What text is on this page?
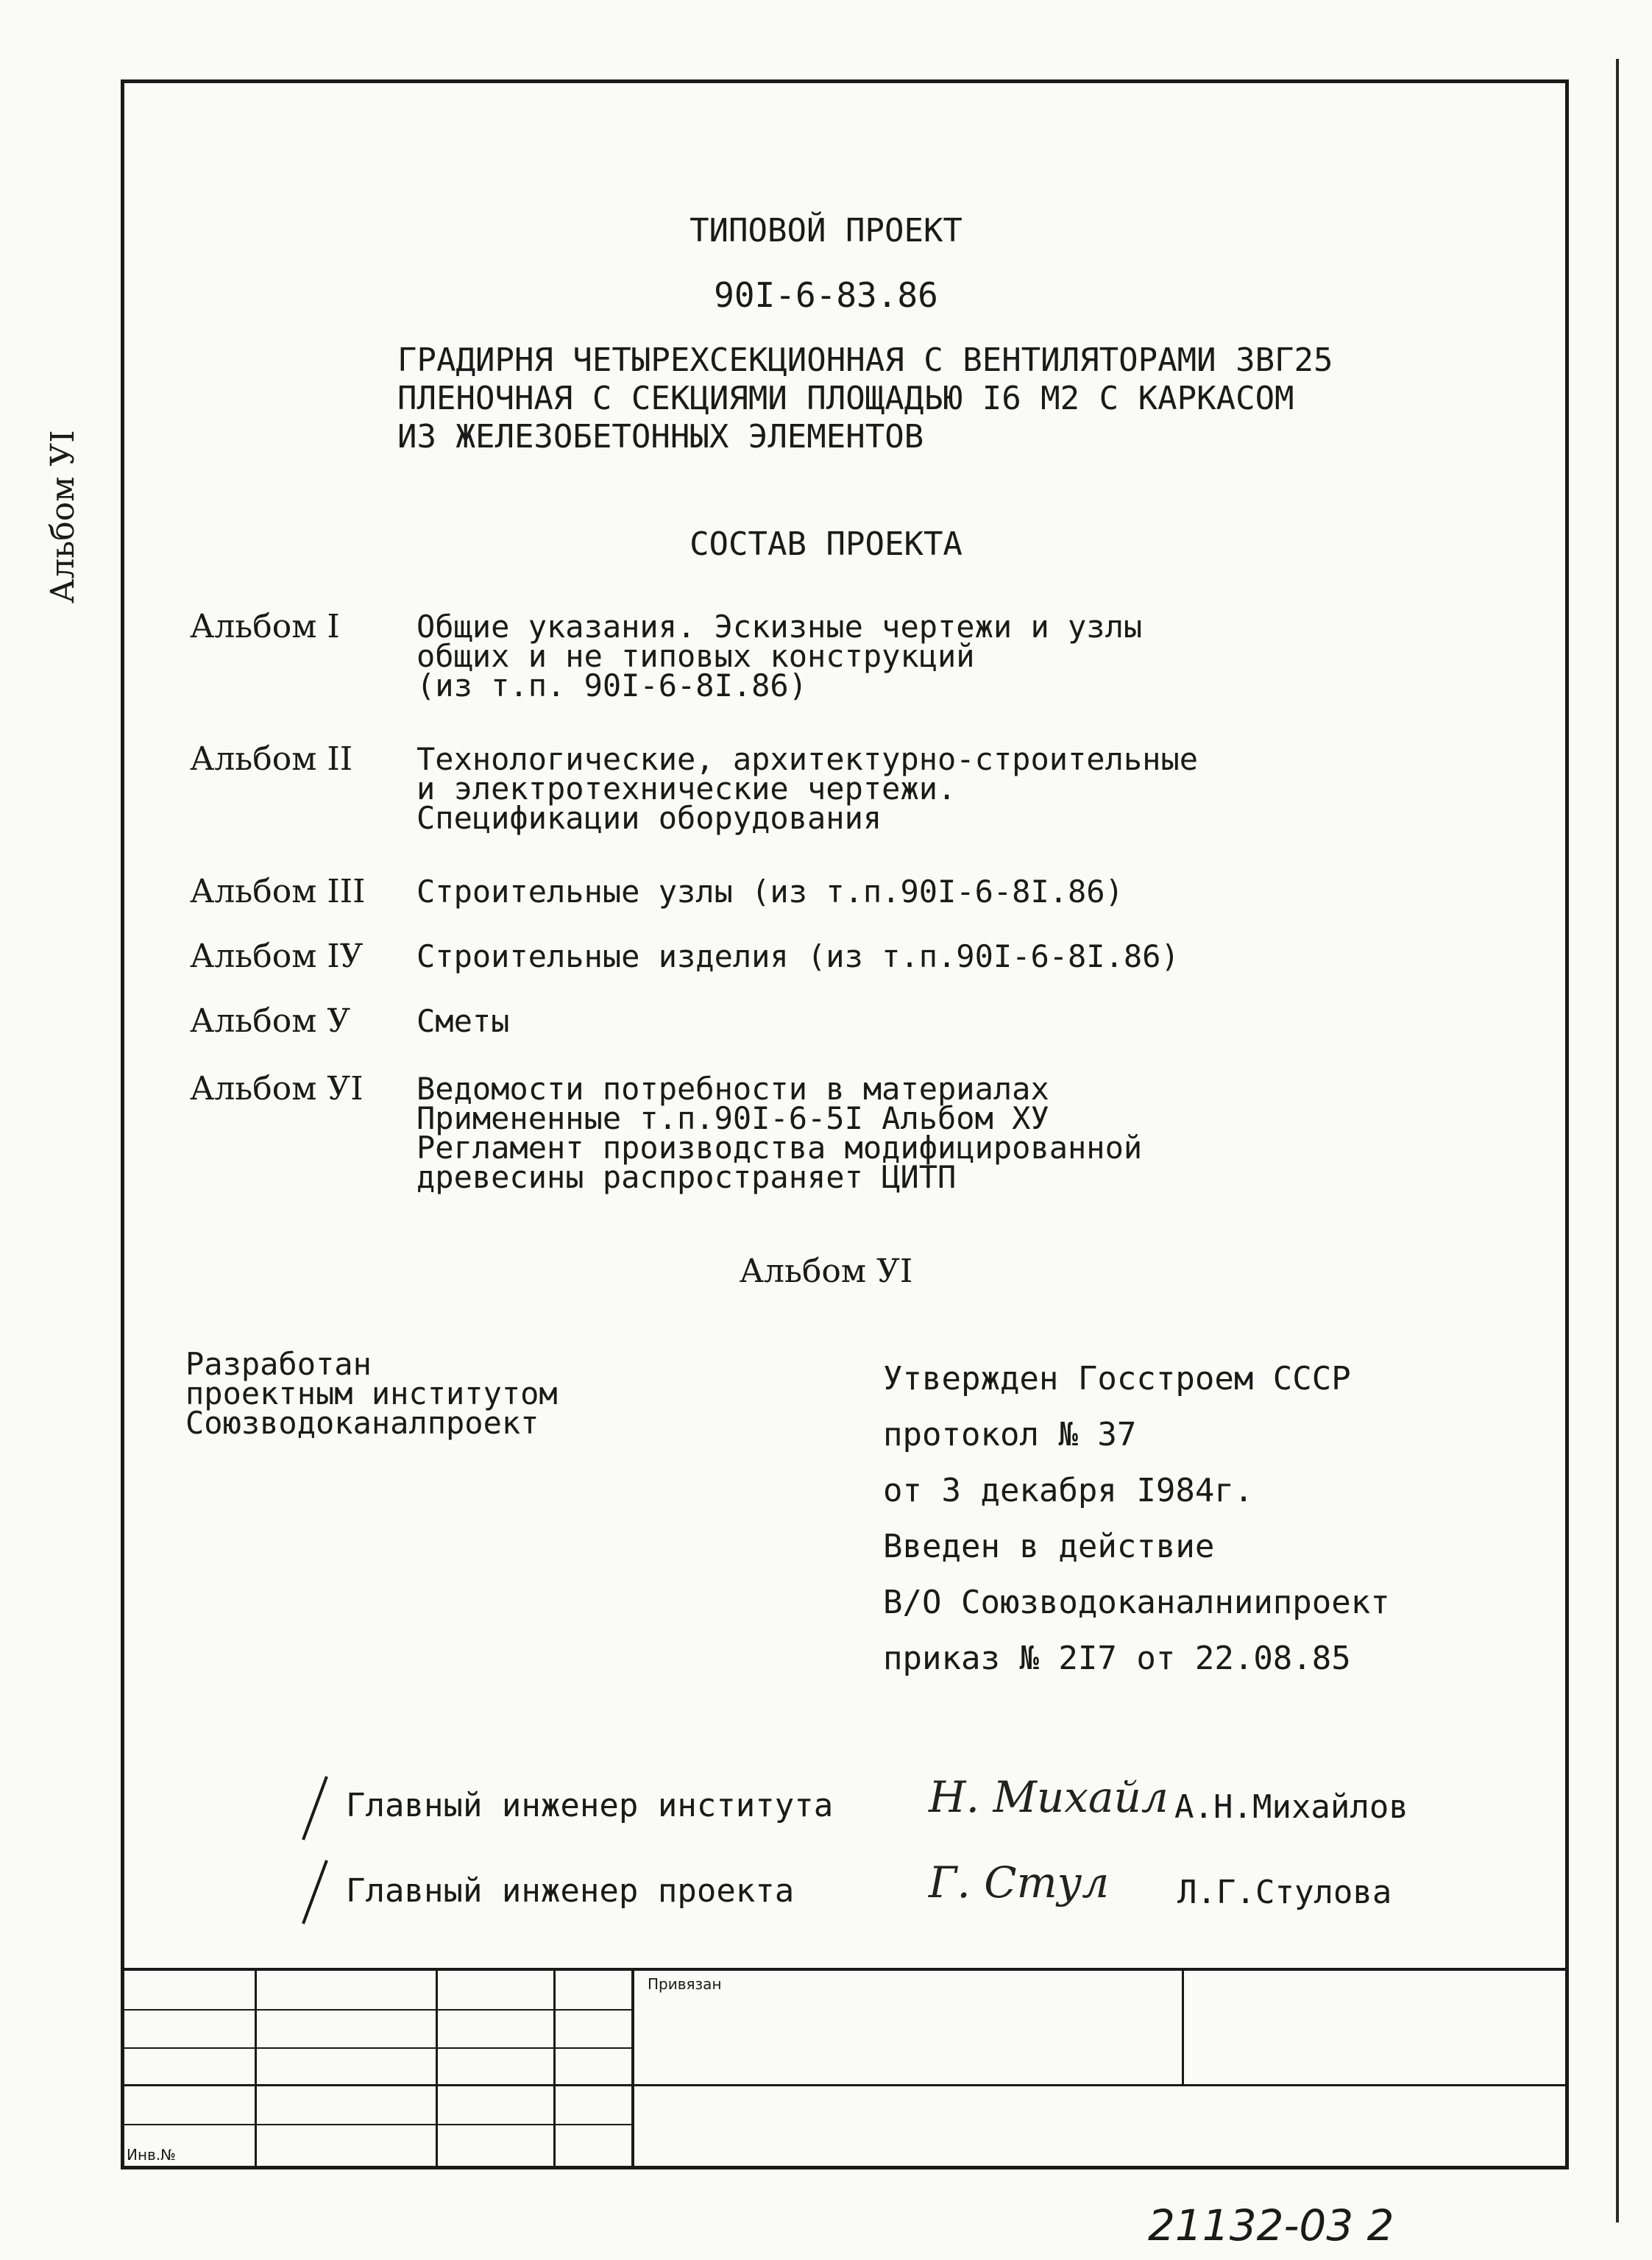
Альбом УI
ТИПОВОЙ ПРОЕКТ
90I-6-83.86
ГРАДИРНЯ ЧЕТЫРЕХСЕКЦИОННАЯ С ВЕНТИЛЯТОРАМИ 3ВГ25
ПЛЕНОЧНАЯ С СЕКЦИЯМИ ПЛОЩАДЬЮ I6 М2 С КАРКАСОМ
ИЗ ЖЕЛЕЗОБЕТОННЫХ ЭЛЕМЕНТОВ
СОСТАВ ПРОЕКТА
Альбом I Общие указания. Эскизные чертежи и узлы
общих и не типовых конструкций
(из т.п. 90I-6-8I.86)
Альбом II Технологические, архитектурно-строительные
и электротехнические чертежи.
Спецификации оборудования
Альбом III Строительные узлы (из т.п.90I-6-8I.86)
Альбом IУ Строительные изделия (из т.п.90I-6-8I.86)
Альбом У Сметы
Альбом УI Ведомости потребности в материалах
Примененные т.п.90I-6-5I Альбом ХУ
Регламент производства модифицированной
древесины распространяет ЦИТП
Альбом УI
Разработан
проектным институтом
Союзводоканалпроект
Утвержден Госстроем СССР
протокол № 37
от 3 декабря I984г.
Введен в действие
В/О Союзводоканалниипроект
приказ № 2I7 от 22.08.85
Главный инженер института Н. Михайл А.Н.Михайлов
Главный инженер проекта	Г. Стул Л.Г.Стулова
Привязан
Инв.№
21132-03 2
